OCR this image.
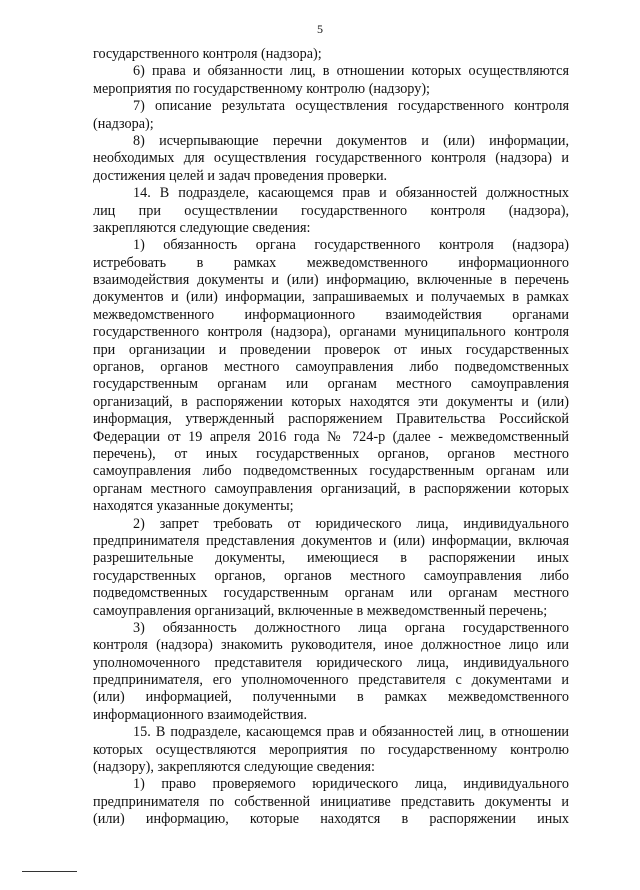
5
государственного контроля (надзора);
6) права и обязанности лиц, в отношении которых осуществляются
мероприятия по государственному контролю (надзору);
7) описание результата осуществления государственного контроля
(надзора);
8) исчерпывающие перечни документов и (или) информации,
необходимых для осуществления государственного контроля (надзора) и
достижения целей и задач проведения проверки.
14. В подразделе, касающемся прав и обязанностей должностных
лиц при осуществлении государственного контроля (надзора),
закрепляются следующие сведения:
1) обязанность органа государственного контроля (надзора)
истребовать в рамках межведомственного информационного
взаимодействия документы и (или) информацию, включенные в перечень
документов и (или) информации, запрашиваемых и получаемых в рамках
межведомственного информационного взаимодействия органами
государственного контроля (надзора), органами муниципального контроля
при организации и проведении проверок от иных государственных
органов, органов местного самоуправления либо подведомственных
государственным органам или органам местного самоуправления
организаций, в распоряжении которых находятся эти документы и (или)
информация, утвержденный распоряжением Правительства Российской
Федерации от 19 апреля 2016 года № 724-р (далее - межведомственный
перечень), от иных государственных органов, органов местного
самоуправления либо подведомственных государственным органам или
органам местного самоуправления организаций, в распоряжении которых
находятся указанные документы;
2) запрет требовать от юридического лица, индивидуального
предпринимателя представления документов и (или) информации, включая
разрешительные документы, имеющиеся в распоряжении иных
государственных органов, органов местного самоуправления либо
подведомственных государственным органам или органам местного
самоуправления организаций, включенные в межведомственный перечень;
3) обязанность должностного лица органа государственного
контроля (надзора) знакомить руководителя, иное должностное лицо или
уполномоченного представителя юридического лица, индивидуального
предпринимателя, его уполномоченного представителя с документами и
(или) информацией, полученными в рамках межведомственного
информационного взаимодействия.
15. В подразделе, касающемся прав и обязанностей лиц, в отношении
которых осуществляются мероприятия по государственному контролю
(надзору), закрепляются следующие сведения:
1) право проверяемого юридического лица, индивидуального
предпринимателя по собственной инициативе представить документы и
(или) информацию, которые находятся в распоряжении иных
